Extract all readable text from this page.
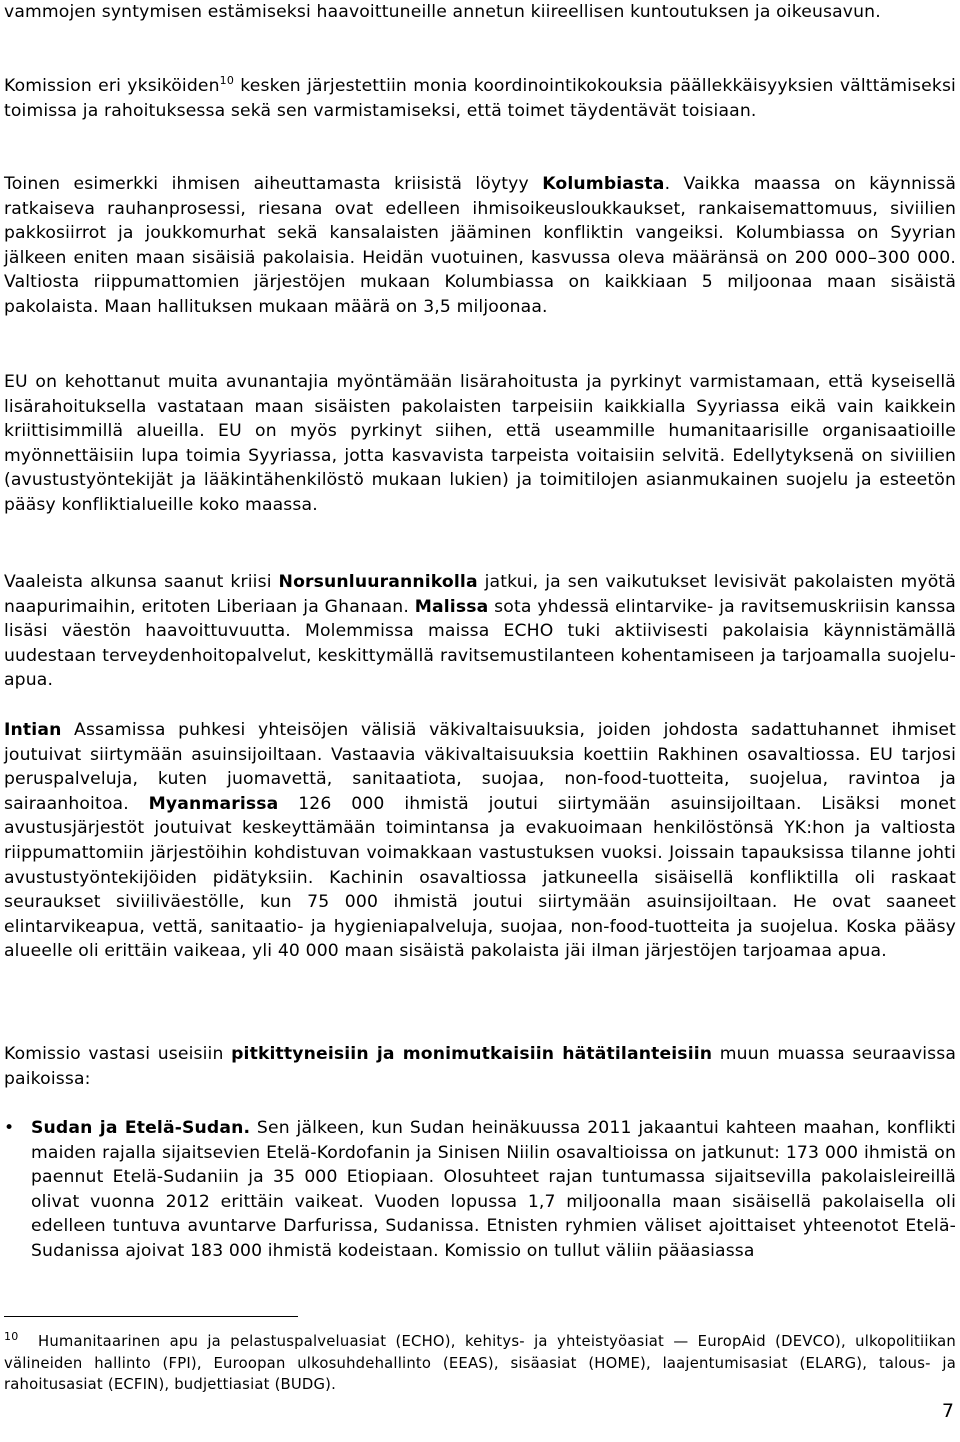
vammojen syntymisen estämiseksi haavoittuneille annetun kiireellisen kuntoutuksen ja oikeusavun.

Komission eri yksiköiden$^{10}$ kesken järjestettiin monia koordinointikokouksia päällekkäisyyksien välttämiseksi toimissa ja rahoituksessa sekä sen varmistamiseksi, että toimet täydentävät toisiaan.

Toinen esimerkki ihmisen aiheuttamasta kriisistä löytyy Kolumbiasta. Vaikka maassa on käynnissä ratkaiseva rauhanprosessi, riesana ovat edelleen ihmisoikeusloukkaukset, rankaisemattomuus, siviilien pakkosiirrot ja joukkomurhat sekä kansalaisten jääminen konfliktin vangeiksi. Kolumbiassa on Syyrian jälkeen eniten maan sisäisiä pakolaisia. Heidän vuotuinen, kasvussa oleva määränsä on 200 000–300 000. Valtiosta riippumattomien järjestöjen mukaan Kolumbiassa on kaikkiaan 5 miljoonaa maan sisäistä pakolaista. Maan hallituksen mukaan määrä on 3,5 miljoonaa.

EU on kehottanut muita avunantajia myöntämään lisärahoitusta ja pyrkinyt varmistamaan, että kyseisellä lisärahoituksella vastataan maan sisäisten pakolaisten tarpeisiin kaikkialla Syyriassa eikä vain kaikkein kriittisimmillä alueilla. EU on myös pyrkinyt siihen, että useammille humanitaarisille organisaatioille myönnettäisiin lupa toimia Syyriassa, jotta kasvavista tarpeista voitaisiin selvitä. Edellytyksenä on siviilien (avustustyöntekijät ja lääkintähenkilöstö mukaan lukien) ja toimitilojen asianmukainen suojelu ja esteetön pääsy konfliktialueille koko maassa.

Vaaleista alkunsa saanut kriisi Norsunluurannikolla jatkui, ja sen vaikutukset levisivät pakolaisten myötä naapurimaihin, eritoten Liberiaan ja Ghanaan. Malissa sota yhdessä elintarvike- ja ravitsemuskriisin kanssa lisäsi väestön haavoittuvuutta. Molemmissa maissa ECHO tuki aktiivisesti pakolaisia käynnistämällä uudestaan terveydenhoitopalvelut, keskittymällä ravitsemustilanteen kohentamiseen ja tarjoamalla suojelu-apua.

Intian Assamissa puhkesi yhteisöjen välisiä väkivaltaisuuksia, joiden johdosta sadattuhannet ihmiset joutuivat siirtymään asuinsijoiltaan. Vastaavia väkivaltaisuuksia koettiin Rakhinen osavaltiossa. EU tarjosi peruspalveluja, kuten juomavettä, sanitaatiota, suojaa, non-food-tuotteita, suojelua, ravintoa ja sairaanhoitoa. Myanmarissa 126 000 ihmistä joutui siirtymään asuinsijoiltaan. Lisäksi monet avustusjärjestöt joutuivat keskeyttämään toimintansa ja evakuoimaan henkilöstönsä YK:hon ja valtiosta riippumattomiin järjestöihin kohdistuvan voimakkaan vastustuksen vuoksi. Joissain tapauksissa tilanne johti avustustyöntekijöiden pidätyksiin. Kachinin osavaltiossa jatkuneella sisäisellä konfliktilla oli raskaat seuraukset siviiliväestölle, kun 75 000 ihmistä joutui siirtymään asuinsijoiltaan. He ovat saaneet elintarvikeapua, vettä, sanitaatio- ja hygieniapalveluja, suojaa, non-food-tuotteita ja suojelua. Koska pääsy alueelle oli erittäin vaikeaa, yli 40 000 maan sisäistä pakolaista jäi ilman järjestöjen tarjoamaa apua.

Komissio vastasi useisiin pitkittyneisiin ja monimutkaisiin hätätilanteisiin muun muassa seuraavissa paikoissa:

• Sudan ja Etelä-Sudan. Sen jälkeen, kun Sudan heinäkuussa 2011 jakaantui kahteen maahan, konflikti maiden rajalla sijaitsevien Etelä-Kordofanin ja Sinisen Niilin osavaltioissa on jatkunut: 173 000 ihmistä on paennut Etelä-Sudaniin ja 35 000 Etiopiaan. Olosuhteet rajan tuntumassa sijaitsevilla pakolaisleireillä olivat vuonna 2012 erittäin vaikeat. Vuoden lopussa 1,7 miljoonalla maan sisäisellä pakolaisella oli edelleen tuntuva avuntarve Darfurissa, Sudanissa. Etnisten ryhmien väliset ajoittaiset yhteenotot Etelä-Sudanissa ajoivat 183 000 ihmistä kodeistaan. Komissio on tullut väliin pääasiassa

10	Humanitaarinen apu ja pelastuspalveluasiat (ECHO), kehitys- ja yhteistyöasiat — EuropAid (DEVCO), ulkopolitiikan välineiden hallinto (FPI), Euroopan ulkosuhdehallinto (EEAS), sisäasiat (HOME), laajentumisasiat (ELARG), talous- ja rahoitusasiat (ECFIN), budjettiasiat (BUDG).
7
